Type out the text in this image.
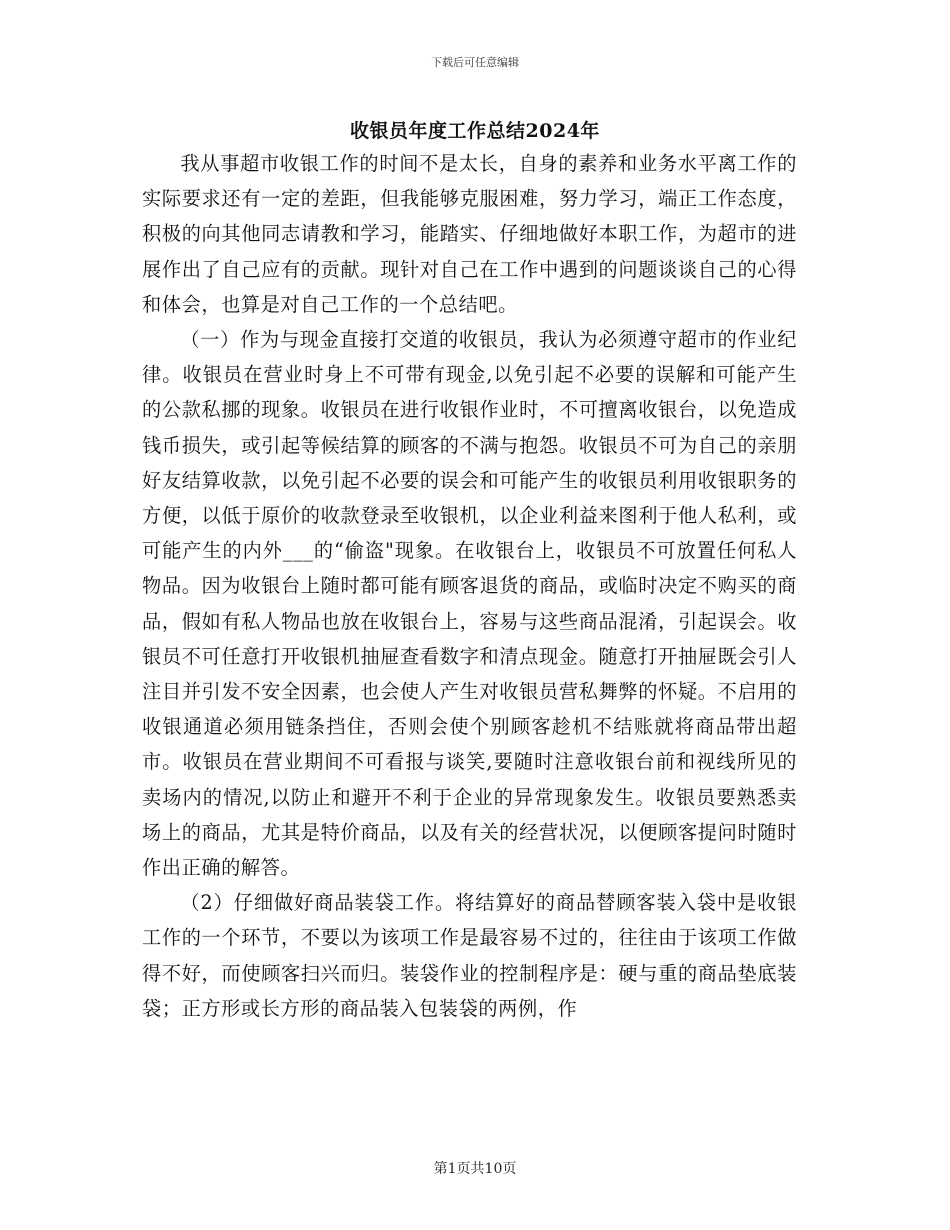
下载后可任意编辑
收银员年度工作总结2024年

我从事超市收银工作的时间不是太长，自身的素养和业务水平离工作的实际要求还有一定的差距，但我能够克服困难，努力学习，端正工作态度，积极的向其他同志请教和学习，能踏实、仔细地做好本职工作，为超市的进展作出了自己应有的贡献。现针对自己在工作中遇到的问题谈谈自己的心得和体会，也算是对自己工作的一个总结吧。

（一）作为与现金直接打交道的收银员，我认为必须遵守超市的作业纪律。收银员在营业时身上不可带有现金,以免引起不必要的误解和可能产生的公款私挪的现象。收银员在进行收银作业时，不可擅离收银台，以免造成钱币损失，或引起等候结算的顾客的不满与抱怨。收银员不可为自己的亲朋好友结算收款，以免引起不必要的误会和可能产生的收银员利用收银职务的方便，以低于原价的收款登录至收银机，以企业利益来图利于他人私利，或可能产生的内外___的“偷盗"现象。在收银台上，收银员不可放置任何私人物品。因为收银台上随时都可能有顾客退货的商品，或临时决定不购买的商品，假如有私人物品也放在收银台上，容易与这些商品混淆，引起误会。收银员不可任意打开收银机抽屉查看数字和清点现金。随意打开抽屉既会引人注目并引发不安全因素，也会使人产生对收银员营私舞弊的怀疑。不启用的收银通道必须用链条挡住，否则会使个别顾客趁机不结账就将商品带出超市。收银员在营业期间不可看报与谈笑,要随时注意收银台前和视线所见的卖场内的情况,以防止和避开不利于企业的异常现象发生。收银员要熟悉卖场上的商品，尤其是特价商品，以及有关的经营状况，以便顾客提问时随时作出正确的解答。

（2）仔细做好商品装袋工作。将结算好的商品替顾客装入袋中是收银工作的一个环节，不要以为该项工作是最容易不过的，往往由于该项工作做得不好，而使顾客扫兴而归。装袋作业的控制程序是：硬与重的商品垫底装袋；正方形或长方形的商品装入包装袋的两例，作

第1页共10页
